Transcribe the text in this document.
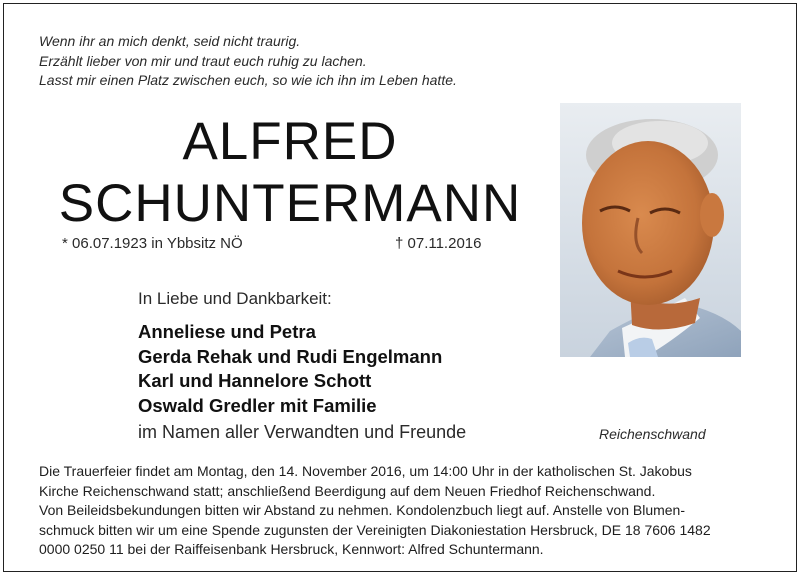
Wenn ihr an mich denkt, seid nicht traurig.
Erzählt lieber von mir und traut euch ruhig zu lachen.
Lasst mir einen Platz zwischen euch, so wie ich ihn im Leben hatte.
ALFRED
SCHUNTERMANN
* 06.07.1923 in Ybbsitz NÖ	† 07.11.2016
In Liebe und Dankbarkeit:
Anneliese und Petra
Gerda Rehak und Rudi Engelmann
Karl und Hannelore Schott
Oswald Gredler mit Familie
im Namen aller Verwandten und Freunde	Reichenschwand
Die Trauerfeier findet am Montag, den 14. November 2016, um 14:00 Uhr in der katholischen St. Jakobus
Kirche Reichenschwand statt; anschließend Beerdigung auf dem Neuen Friedhof Reichenschwand.
Von Beileidsbekundungen bitten wir Abstand zu nehmen. Kondolenzbuch liegt auf. Anstelle von Blumen-
schmuck bitten wir um eine Spende zugunsten der Vereinigten Diakoniestation Hersbruck, DE 18 7606 1482
0000 0250 11 bei der Raiffeisenbank Hersbruck, Kennwort: Alfred Schuntermann.
